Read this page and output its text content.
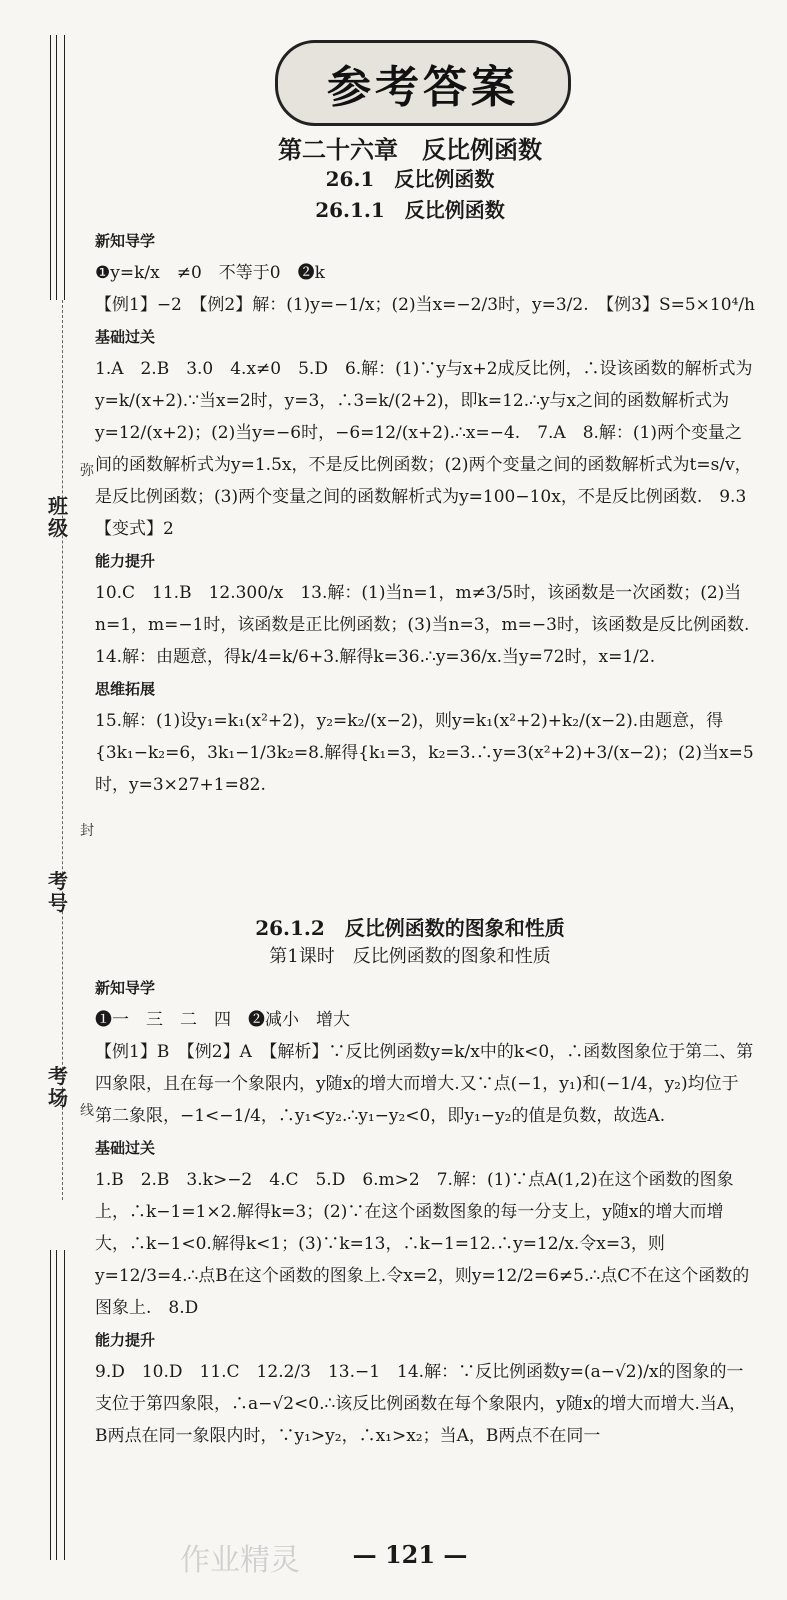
弥
封
线
班级
考号
考场
参考答案
第二十六章　反比例函数
26.1　反比例函数
26.1.1　反比例函数

新知导学

❶y=k/x　≠0　不等于0　❷k

【例1】−2　【例2】解：(1)y=−1/x；(2)当x=−2/3时，y=3/2.　【例3】S=5×10⁴/h

基础过关

1.A　2.B　3.0　4.x≠0　5.D　6.解：(1)∵y与x+2成反比例，∴设该函数的解析式为y=k/(x+2).∵当x=2时，y=3，∴3=k/(2+2)，即k=12.∴y与x之间的函数解析式为y=12/(x+2)；(2)当y=−6时，−6=12/(x+2).∴x=−4.　7.A　8.解：(1)两个变量之间的函数解析式为y=1.5x，不是反比例函数；(2)两个变量之间的函数解析式为t=s/v，是反比例函数；(3)两个变量之间的函数解析式为y=100−10x，不是反比例函数.　9.3　【变式】2

能力提升

10.C　11.B　12.300/x　13.解：(1)当n=1，m≠3/5时，该函数是一次函数；(2)当n=1，m=−1时，该函数是正比例函数；(3)当n=3，m=−3时，该函数是反比例函数.　14.解：由题意，得k/4=k/6+3.解得k=36.∴y=36/x.当y=72时，x=1/2.

思维拓展

15.解：(1)设y₁=k₁(x²+2)，y₂=k₂/(x−2)，则y=k₁(x²+2)+k₂/(x−2).由题意，得{3k₁−k₂=6，3k₁−1/3k₂=8.解得{k₁=3，k₂=3.∴y=3(x²+2)+3/(x−2)；(2)当x=5时，y=3×27+1=82.

26.1.2　反比例函数的图象和性质
第1课时　反比例函数的图象和性质

新知导学

❶一　三　二　四　❷减小　增大

【例1】B　【例2】A　【解析】∵反比例函数y=k/x中的k<0，∴函数图象位于第二、第四象限，且在每一个象限内，y随x的增大而增大.又∵点(−1，y₁)和(−1/4，y₂)均位于第二象限，−1<−1/4，∴y₁<y₂.∴y₁−y₂<0，即y₁−y₂的值是负数，故选A.

基础过关

1.B　2.B　3.k>−2　4.C　5.D　6.m>2　7.解：(1)∵点A(1,2)在这个函数的图象上，∴k−1=1×2.解得k=3；(2)∵在这个函数图象的每一分支上，y随x的增大而增大，∴k−1<0.解得k<1；(3)∵k=13，∴k−1=12.∴y=12/x.令x=3，则y=12/3=4.∴点B在这个函数的图象上.令x=2，则y=12/2=6≠5.∴点C不在这个函数的图象上.　8.D

能力提升

9.D　10.D　11.C　12.2/3　13.−1　14.解：∵反比例函数y=(a−√2)/x的图象的一支位于第四象限，∴a−√2<0.∴该反比例函数在每个象限内，y随x的增大而增大.当A，B两点在同一象限内时，∵y₁>y₂，∴x₁>x₂；当A，B两点不在同一

作业精灵	— 121 —
